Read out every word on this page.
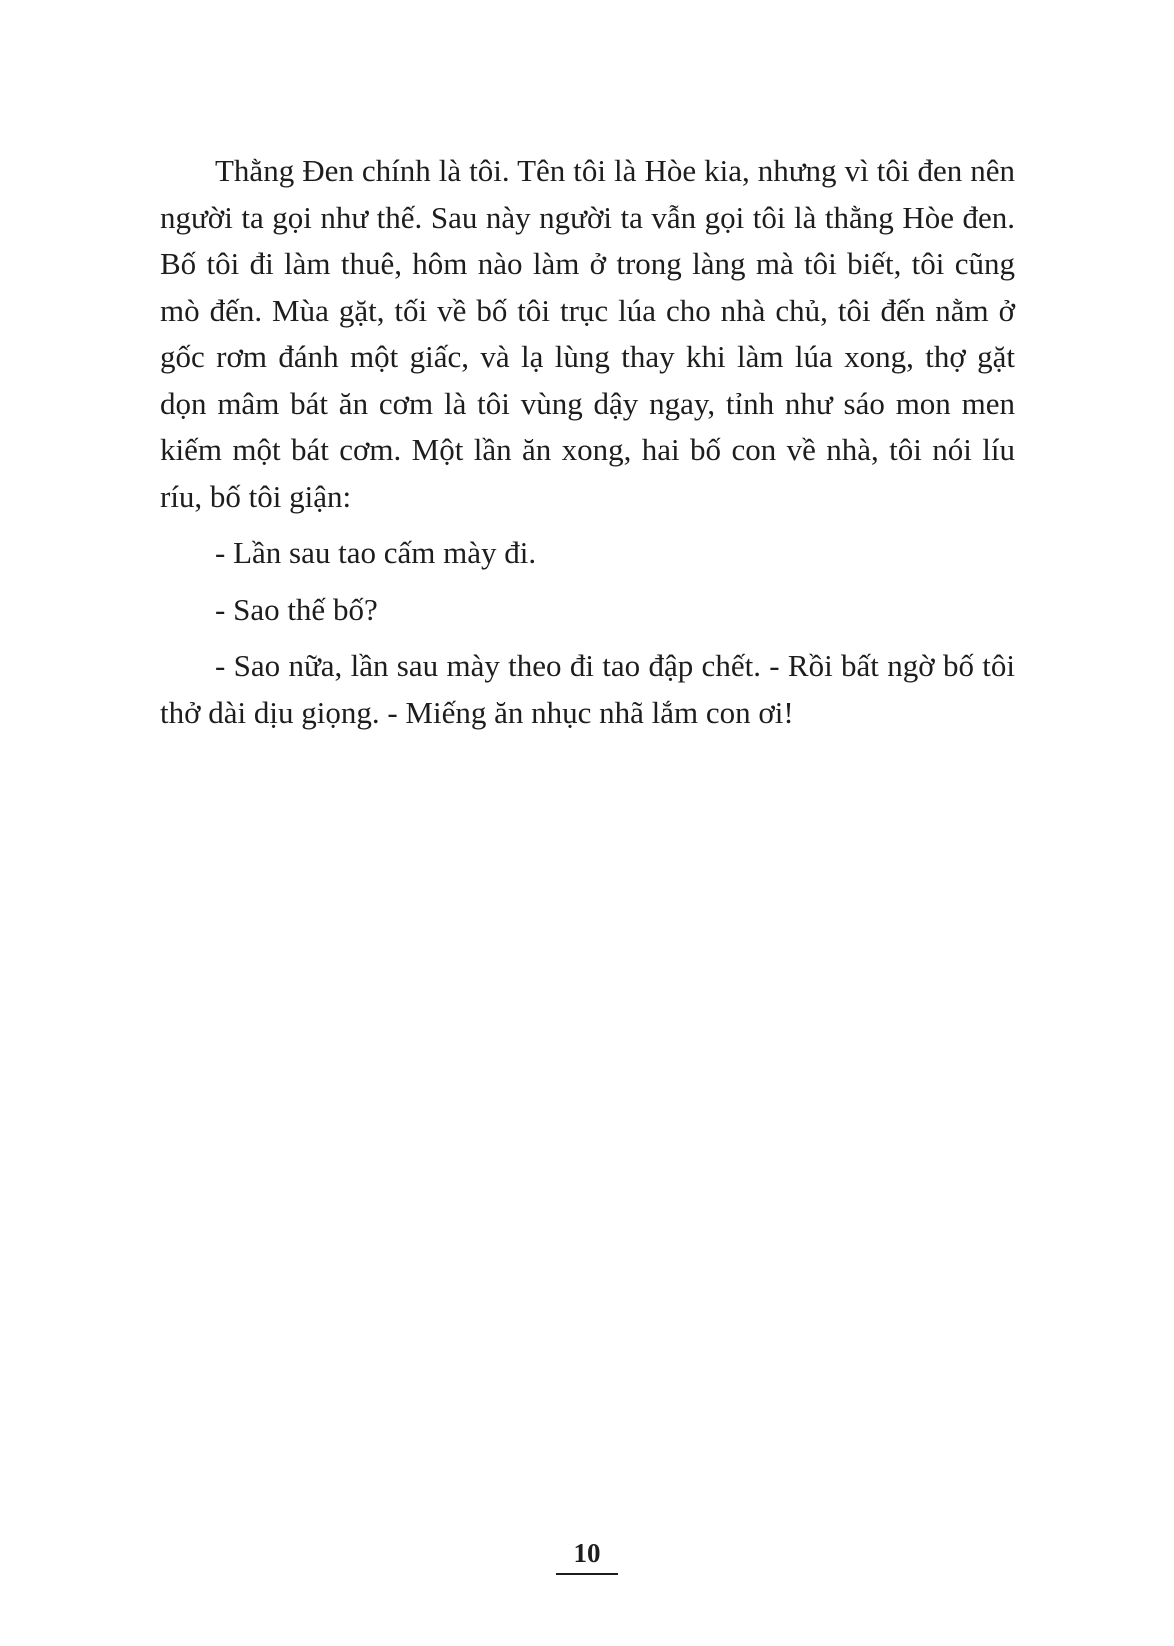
Thằng Đen chính là tôi. Tên tôi là Hòe kia, nhưng vì tôi đen nên người ta gọi như thế. Sau này người ta vẫn gọi tôi là thằng Hòe đen. Bố tôi đi làm thuê, hôm nào làm ở trong làng mà tôi biết, tôi cũng mò đến. Mùa gặt, tối về bố tôi trục lúa cho nhà chủ, tôi đến nằm ở gốc rơm đánh một giấc, và lạ lùng thay khi làm lúa xong, thợ gặt dọn mâm bát ăn cơm là tôi vùng dậy ngay, tỉnh như sáo mon men kiếm một bát cơm. Một lần ăn xong, hai bố con về nhà, tôi nói líu ríu, bố tôi giận:

- Lần sau tao cấm mày đi.

- Sao thế bố?

- Sao nữa, lần sau mày theo đi tao đập chết. - Rồi bất ngờ bố tôi thở dài dịu giọng. - Miếng ăn nhục nhã lắm con ơi!

10
